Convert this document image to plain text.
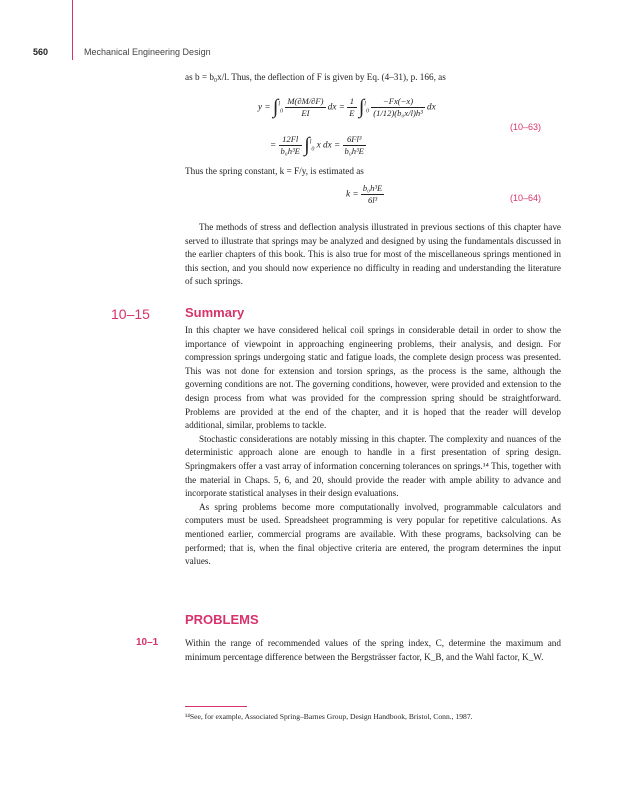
560	Mechanical Engineering Design
as b = b₀x/l. Thus, the deflection of F is given by Eq. (4–31), p. 166, as
$y = \int^l_0 \frac{M(\partial M/\partial F)}{EI}$ dx = $\frac{1}{E} \int^l_0 \frac{-Fx(-x)}{\text{(1/12)(b₀x/l)h³}}$ dx
(10–63)
= $\frac{12Fl}{\text{b₀h³E}} \int^l_0$ x dx = $\frac{\text{6Fl³}}{\text{b₀h³E}}$
Thus the spring constant, k = F/y, is estimated as
$k = \frac{\text{b₀h³E}}{\text{6l³}}$	(10–64)

The methods of stress and deflection analysis illustrated in previous sections of this chapter have served to illustrate that springs may be analyzed and designed by using the fundamentals discussed in the earlier chapters of this book. This is also true for most of the miscellaneous springs mentioned in this section, and you should now experience no difficulty in reading and understanding the literature of such springs.

10–15	Summary

In this chapter we have considered helical coil springs in considerable detail in order to show the importance of viewpoint in approaching engineering problems, their analysis, and design. For compression springs undergoing static and fatigue loads, the complete design process was presented. This was not done for extension and torsion springs, as the process is the same, although the governing conditions are not. The governing conditions, however, were provided and extension to the design process from what was provided for the compression spring should be straightforward. Problems are provided at the end of the chapter, and it is hoped that the reader will develop additional, similar, problems to tackle.

Stochastic considerations are notably missing in this chapter. The complexity and nuances of the deterministic approach alone are enough to handle in a first presentation of spring design. Springmakers offer a vast array of information concerning tolerances on springs.¹⁴ This, together with the material in Chaps. 5, 6, and 20, should provide the reader with ample ability to advance and incorporate statistical analyses in their design evaluations.

As spring problems become more computationally involved, programmable calculators and computers must be used. Spreadsheet programming is very popular for repetitive calculations. As mentioned earlier, commercial programs are available. With these programs, backsolving can be performed; that is, when the final objective criteria are entered, the program determines the input values.

PROBLEMS
10–1	Within the range of recommended values of the spring index, C, determine the maximum and minimum percentage difference between the Bergsträsser factor, K_B, and the Wahl factor, K_W.

¹⁴See, for example, Associated Spring–Barnes Group, Design Handbook, Bristol, Conn., 1987.
